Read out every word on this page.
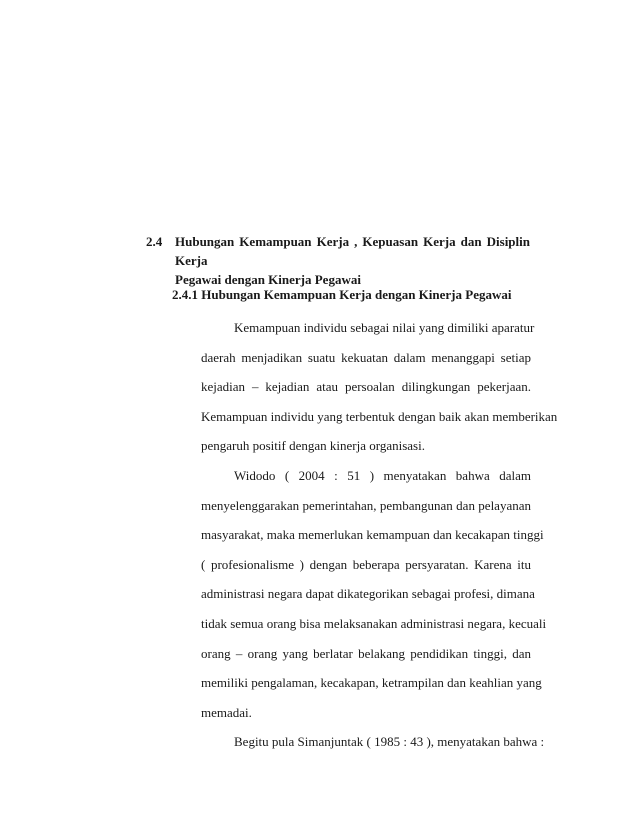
2.4 Hubungan Kemampuan Kerja , Kepuasan Kerja dan Disiplin Kerja
Pegawai dengan Kinerja Pegawai
2.4.1 Hubungan Kemampuan Kerja dengan Kinerja Pegawai
Kemampuan individu sebagai nilai yang dimiliki aparatur
daerah menjadikan suatu kekuatan dalam menanggapi setiap
kejadian – kejadian atau persoalan dilingkungan pekerjaan.
Kemampuan individu yang terbentuk dengan baik akan memberikan
pengaruh positif dengan kinerja organisasi.
Widodo ( 2004 : 51 ) menyatakan bahwa dalam
menyelenggarakan pemerintahan, pembangunan dan pelayanan
masyarakat, maka memerlukan kemampuan dan kecakapan tinggi
( profesionalisme ) dengan beberapa persyaratan. Karena itu
administrasi negara dapat dikategorikan sebagai profesi, dimana
tidak semua orang bisa melaksanakan administrasi negara, kecuali
orang – orang yang berlatar belakang pendidikan tinggi, dan
memiliki pengalaman, kecakapan, ketrampilan dan keahlian yang
memadai.
Begitu pula Simanjuntak ( 1985 : 43 ), menyatakan bahwa :
